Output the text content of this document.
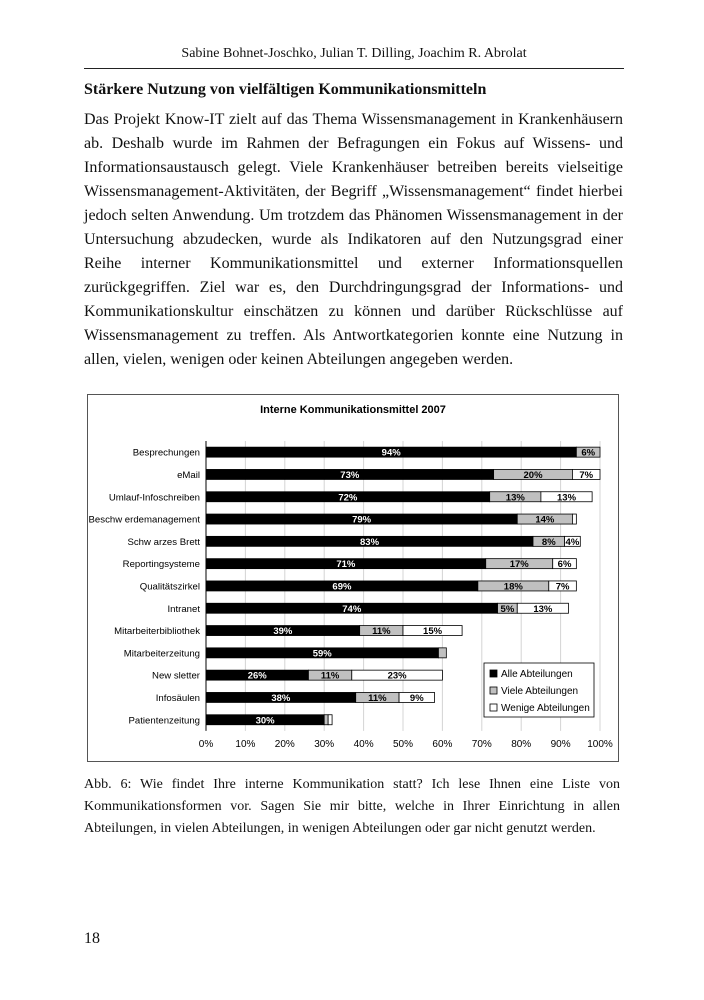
Sabine Bohnet-Joschko, Julian T. Dilling, Joachim R. Abrolat
Stärkere Nutzung von vielfältigen Kommunikationsmitteln
Das Projekt Know-IT zielt auf das Thema Wissensmanagement in Krankenhäusern ab. Deshalb wurde im Rahmen der Befragungen ein Fokus auf Wissens- und Informationsaustausch gelegt. Viele Krankenhäuser betreiben bereits vielseitige Wissensmanagement-Aktivitäten, der Begriff „Wissensmanagement“ findet hierbei jedoch selten Anwendung. Um trotzdem das Phänomen Wissensmanagement in der Untersuchung abzudecken, wurde als Indikatoren auf den Nutzungsgrad einer Reihe interner Kommunikationsmittel und externer Informationsquellen zurückgegriffen. Ziel war es, den Durchdringungsgrad der Informations- und Kommunikationskultur einschätzen zu können und darüber Rückschlüsse auf Wissensmanagement zu treffen. Als Antwortkategorien konnte eine Nutzung in allen, vielen, wenigen oder keinen Abteilungen angegeben werden.
Interne Kommunikationsmittel 2007
0% 10% 20% 30% 40% 50% 60% 70% 80% 90% 100%
Besprechungen	94%	6%
eMail	73%	20%	7%
Umlauf-Infoschreiben	72%	13%	13%
Beschw erdemanagement	79%	14%
Schw arzes Brett	83%	8% 4%
Reportingsysteme	71%	17%	6%
Qualitätszirkel	69%	18%	7%
Intranet	74%	5% 13%
Mitarbeiterbibliothek	39%	11%	15%
Mitarbeiterzeitung	59%
New sletter	26%	11%	23%
Infosäulen	38%	11% 9%
Patientenzeitung	30%
Alle Abteilungen
Viele Abteilungen
Wenige Abteilungen
Abb. 6: Wie findet Ihre interne Kommunikation statt? Ich lese Ihnen eine Liste von Kommunikationsformen vor. Sagen Sie mir bitte, welche in Ihrer Einrichtung in allen Abteilungen, in vielen Abteilungen, in wenigen Abteilungen oder gar nicht genutzt werden.
18
